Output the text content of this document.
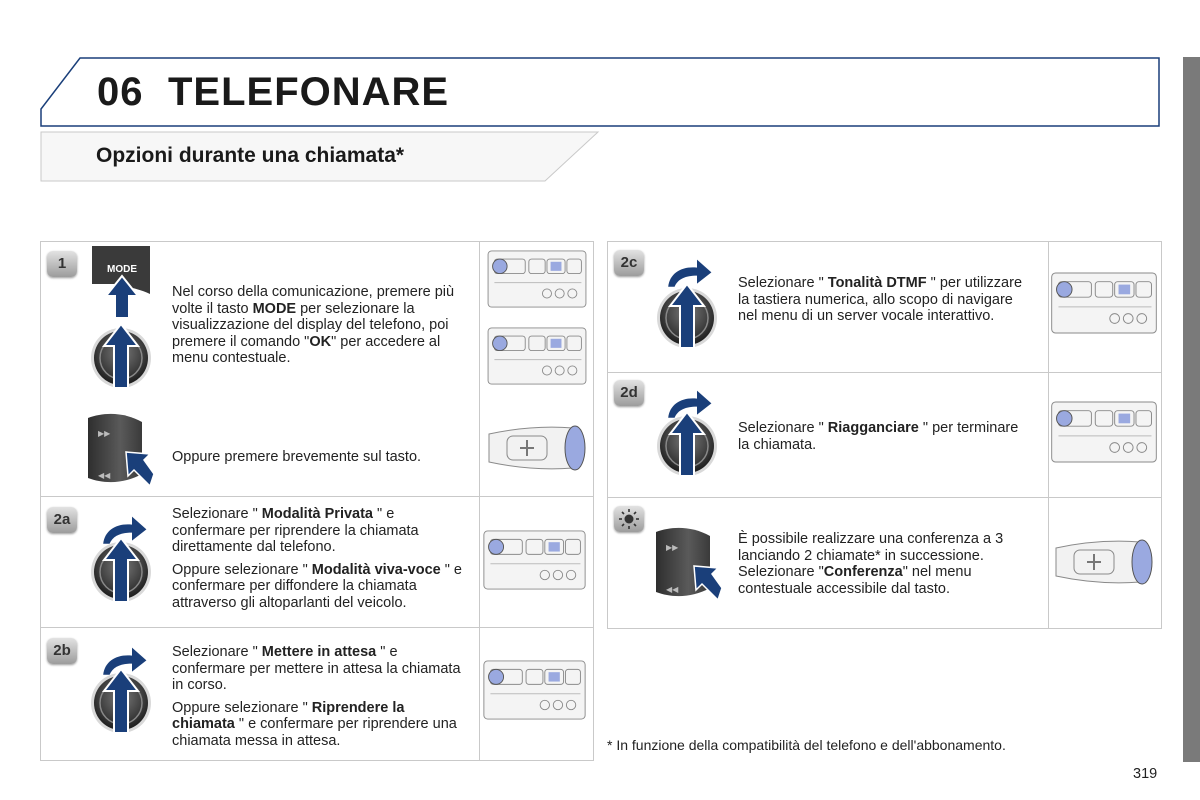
06 TELEFONARE
Opzioni durante una chiamata*
1	MODE
Nel corso della comunicazione, premere più volte il tasto MODE per selezionare la visualizzazione del display del telefono, poi premere il comando "OK" per accedere al menu contestuale.
Oppure premere brevemente sul tasto.
2a	Selezionare " Modalità Privata " e confermare per riprendere la chiamata direttamente dal telefono.

Oppure selezionare " Modalità viva-voce " e confermare per diffondere la chiamata attraverso gli altoparlanti del veicolo.

2b	Selezionare " Mettere in attesa " e confermare per mettere in attesa la chiamata in corso.

Oppure selezionare " Riprendere la chiamata " e confermare per riprendere una chiamata messa in attesa.

2c
Selezionare " Tonalità DTMF " per utilizzare la tastiera numerica, allo scopo di navigare nel menu di un server vocale interattivo.
2d
Selezionare " Riagganciare " per terminare la chiamata.
È possibile realizzare una conferenza a 3 lanciando 2 chiamate* in successione. Selezionare "Conferenza" nel menu contestuale accessibile dal tasto.
* In funzione della compatibilità del telefono e dell'abbonamento.
319
